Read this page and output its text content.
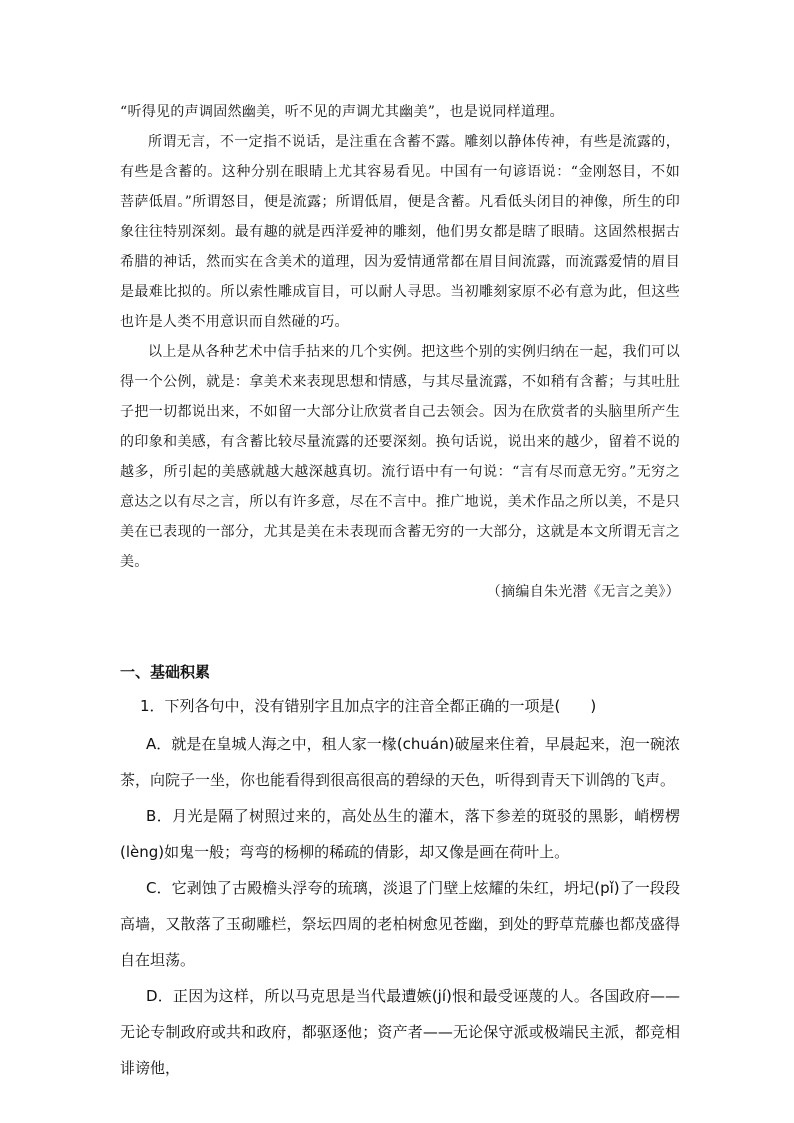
“听得见的声调固然幽美，听不见的声调尤其幽美”，也是说同样道理。

所谓无言，不一定指不说话，是注重在含蓄不露。雕刻以静体传神，有些是流露的，有些是含蓄的。这种分别在眼睛上尤其容易看见。中国有一句谚语说：“金刚怒目，不如菩萨低眉。”所谓怒目，便是流露；所谓低眉，便是含蓄。凡看低头闭目的神像，所生的印象往往特别深刻。最有趣的就是西洋爱神的雕刻，他们男女都是瞎了眼睛。这固然根据古希腊的神话，然而实在含美术的道理，因为爱情通常都在眉目间流露，而流露爱情的眉目是最难比拟的。所以索性雕成盲目，可以耐人寻思。当初雕刻家原不必有意为此，但这些也许是人类不用意识而自然碰的巧。

以上是从各种艺术中信手拈来的几个实例。把这些个别的实例归纳在一起，我们可以得一个公例，就是：拿美术来表现思想和情感，与其尽量流露，不如稍有含蓄；与其吐肚子把一切都说出来，不如留一大部分让欣赏者自己去领会。因为在欣赏者的头脑里所产生的印象和美感，有含蓄比较尽量流露的还要深刻。换句话说，说出来的越少，留着不说的越多，所引起的美感就越大越深越真切。流行语中有一句说：“言有尽而意无穷。”无穷之意达之以有尽之言，所以有许多意，尽在不言中。推广地说，美术作品之所以美，不是只美在已表现的一部分，尤其是美在未表现而含蓄无穷的一大部分，这就是本文所谓无言之美。

（摘编自朱光潜《无言之美》）
一、基础积累
1．下列各句中，没有错别字且加点字的注音全都正确的一项是(　　)
A．就是在皇城人海之中，租人家一椽(chuán)破屋来住着，早晨起来，泡一碗浓茶，向院子一坐，你也能看得到很高很高的碧绿的天色，听得到青天下训鸽的飞声。
B．月光是隔了树照过来的，高处丛生的灌木，落下参差的斑驳的黑影，峭楞楞(lèng)如鬼一般；弯弯的杨柳的稀疏的倩影，却又像是画在荷叶上。
C．它剥蚀了古殿檐头浮夸的琉璃，淡退了门壁上炫耀的朱红，坍圮(pǐ)了一段段高墙，又散落了玉砌雕栏，祭坛四周的老柏树愈见苍幽，到处的野草荒藤也都茂盛得自在坦荡。
D．正因为这样，所以马克思是当代最遭嫉(jí)恨和最受诬蔑的人。各国政府——无论专制政府或共和政府，都驱逐他；资产者——无论保守派或极端民主派，都竞相诽谤他，
